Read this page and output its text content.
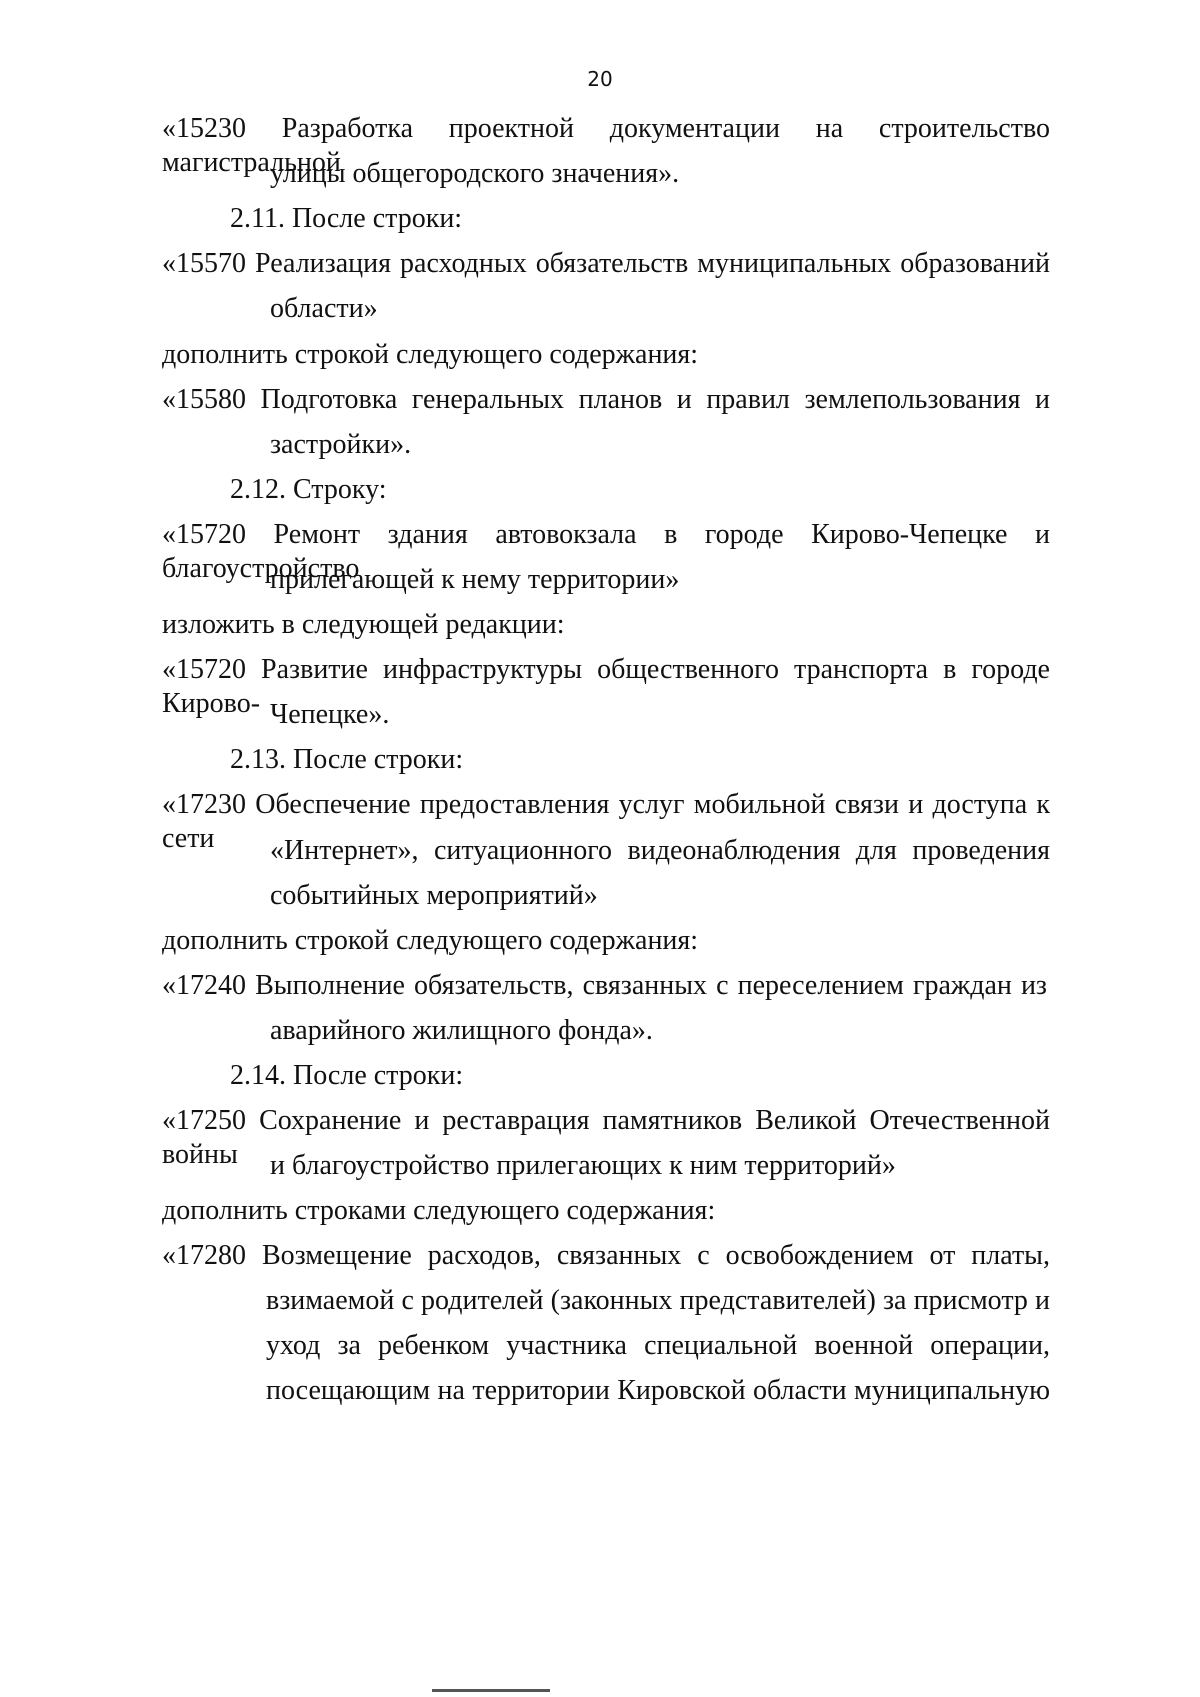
20
«15230 Разработка проектной документации на строительство магистральной
улицы общегородского значения».
2.11. После строки:
«15570 Реализация расходных обязательств муниципальных образований
области»
дополнить строкой следующего содержания:
«15580 Подготовка генеральных планов и правил землепользования и
застройки».
2.12. Строку:
«15720 Ремонт здания автовокзала в городе Кирово-Чепецке и благоустройство
прилегающей к нему территории»
изложить в следующей редакции:
«15720 Развитие инфраструктуры общественного транспорта в городе Кирово- Чепецке».
2.13. После строки:
«17230 Обеспечение предоставления услуг мобильной связи и доступа к сети	«Интернет», ситуационного видеонаблюдения для проведения
событийных мероприятий»
дополнить строкой следующего содержания:
«17240 Выполнение обязательств, связанных с переселением граждан из
аварийного жилищного фонда».
2.14. После строки:
«17250 Сохранение и реставрация памятников Великой Отечественной войны	и благоустройство прилегающих к ним территорий»
дополнить строками следующего содержания:
«17280 Возмещение расходов, связанных с освобождением от платы,
взимаемой с родителей (законных представителей) за присмотр и
уход за ребенком участника специальной военной операции,
посещающим на территории Кировской области муниципальную
